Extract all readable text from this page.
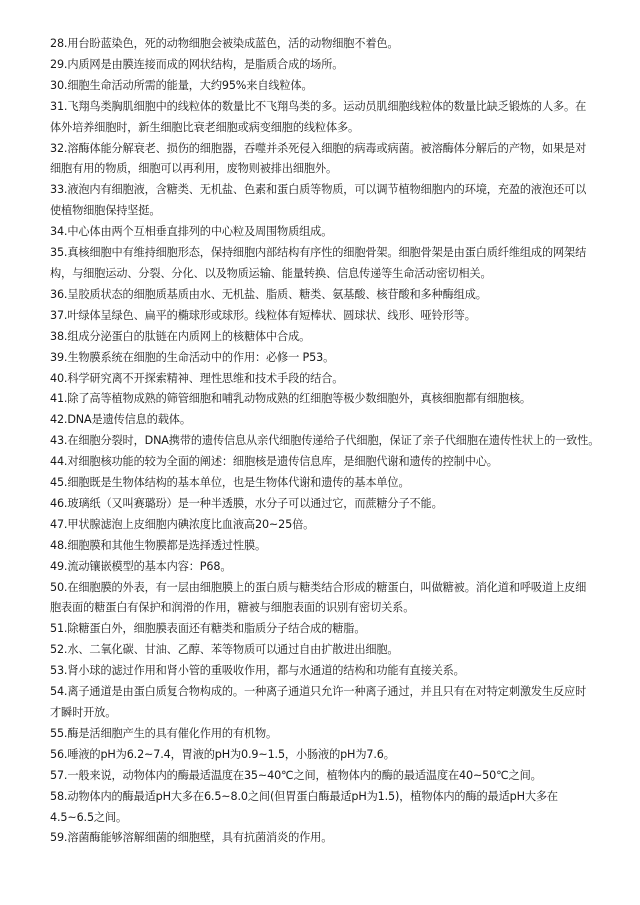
28.用台盼蓝染色，死的动物细胞会被染成蓝色，活的动物细胞不着色。
29.内质网是由膜连接而成的网状结构，是脂质合成的场所。
30.细胞生命活动所需的能量，大约95%来自线粒体。
31.飞翔鸟类胸肌细胞中的线粒体的数量比不飞翔鸟类的多。运动员肌细胞线粒体的数量比缺乏锻炼的人多。在
体外培养细胞时，新生细胞比衰老细胞或病变细胞的线粒体多。
32.溶酶体能分解衰老、损伤的细胞器，吞噬并杀死侵入细胞的病毒或病菌。被溶酶体分解后的产物，如果是对
细胞有用的物质，细胞可以再利用，废物则被排出细胞外。
33.液泡内有细胞液，含糖类、无机盐、色素和蛋白质等物质，可以调节植物细胞内的环境，充盈的液泡还可以
使植物细胞保持坚挺。
34.中心体由两个互相垂直排列的中心粒及周围物质组成。
35.真核细胞中有维持细胞形态，保持细胞内部结构有序性的细胞骨架。细胞骨架是由蛋白质纤维组成的网架结
构，与细胞运动、分裂、分化、以及物质运输、能量转换、信息传递等生命活动密切相关。
36.呈胶质状态的细胞质基质由水、无机盐、脂质、糖类、氨基酸、核苷酸和多种酶组成。
37.叶绿体呈绿色、扁平的椭球形或球形。线粒体有短棒状、圆球状、线形、哑铃形等。
38.组成分泌蛋白的肽链在内质网上的核糖体中合成。
39.生物膜系统在细胞的生命活动中的作用：必修一 P53。
40.科学研究离不开探索精神、理性思维和技术手段的结合。
41.除了高等植物成熟的筛管细胞和哺乳动物成熟的红细胞等极少数细胞外，真核细胞都有细胞核。
42.DNA是遗传信息的载体。
43.在细胞分裂时，DNA携带的遗传信息从亲代细胞传递给子代细胞，保证了亲子代细胞在遗传性状上的一致性。
44.对细胞核功能的较为全面的阐述：细胞核是遗传信息库，是细胞代谢和遗传的控制中心。
45.细胞既是生物体结构的基本单位，也是生物体代谢和遗传的基本单位。
46.玻璃纸（又叫赛璐玢）是一种半透膜，水分子可以通过它，而蔗糖分子不能。
47.甲状腺滤泡上皮细胞内碘浓度比血液高20~25倍。
48.细胞膜和其他生物膜都是选择透过性膜。
49.流动镶嵌模型的基本内容：P68。
50.在细胞膜的外表，有一层由细胞膜上的蛋白质与糖类结合形成的糖蛋白，叫做糖被。消化道和呼吸道上皮细
胞表面的糖蛋白有保护和润滑的作用，糖被与细胞表面的识别有密切关系。
51.除糖蛋白外，细胞膜表面还有糖类和脂质分子结合成的糖脂。
52.水、二氧化碳、甘油、乙醇、苯等物质可以通过自由扩散进出细胞。
53.肾小球的滤过作用和肾小管的重吸收作用，都与水通道的结构和功能有直接关系。
54.离子通道是由蛋白质复合物构成的。一种离子通道只允许一种离子通过，并且只有在对特定刺激发生反应时
才瞬时开放。
55.酶是活细胞产生的具有催化作用的有机物。
56.唾液的pH为6.2~7.4，胃液的pH为0.9~1.5，小肠液的pH为7.6。
57.一般来说，动物体内的酶最适温度在35~40℃之间，植物体内的酶的最适温度在40~50℃之间。
58.动物体内的酶最适pH大多在6.5~8.0之间(但胃蛋白酶最适pH为1.5)，植物体内的酶的最适pH大多在
4.5~6.5之间。
59.溶菌酶能够溶解细菌的细胞壁，具有抗菌消炎的作用。
